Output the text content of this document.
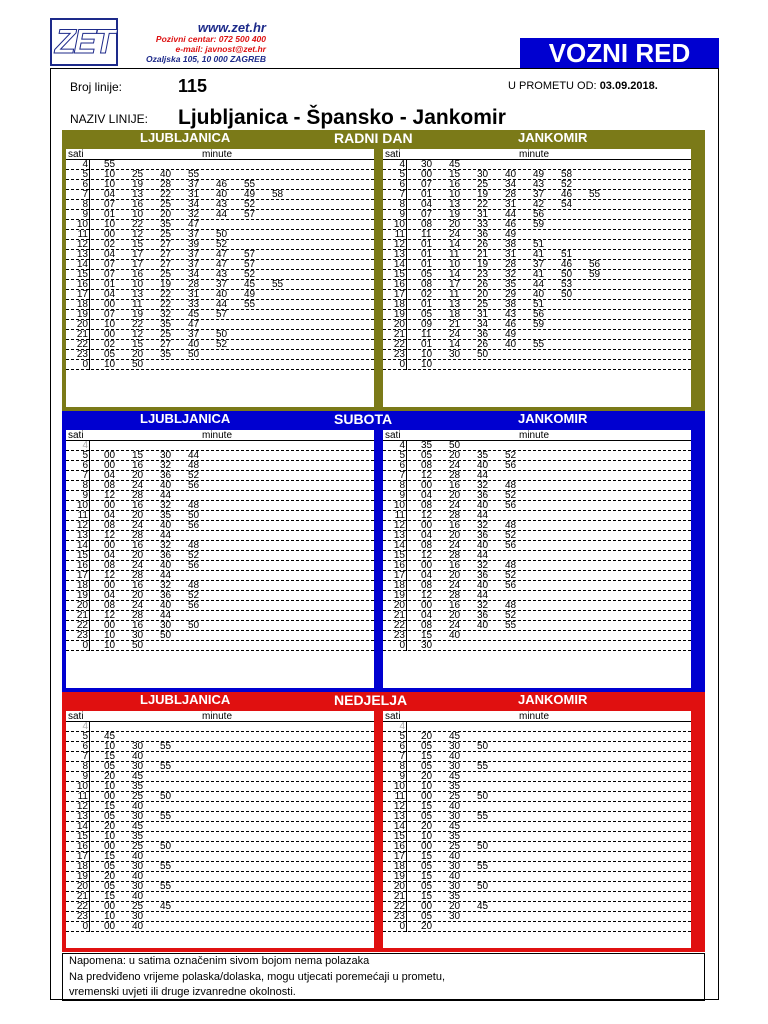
ZET	www.zet.hr
Pozivni centar: 072 500 400
e-mail: javnost@zet.hr
Ozaljska 105, 10 000 ZAGREB	VOZNI RED
Broj linije:	115	U PROMETU OD: 03.09.2018.
NAZIV LINIJE: Ljubljanica - Špansko - Jankomir
LJUBLJANICA	RADNI DAN	JANKOMIR
sati	minute
4 55
5 10 25 40 55
6 10 19 28 37 46 55
7 04 13 22 31 40 49 58
8 07 16 25 34 43 52
9 01 10 20 32 44 57
10 10 22 35 47
11 00 12 25 37 50
12 02 15 27 39 52
13 04 17 27 37 47 57
14 07 17 27 37 47 57
15 07 16 25 34 43 52
16 01 10 19 28 37 45 55
17 04 13 22 31 40 49
18 00 11 22 33 44 55
19 07 19 32 45 57
20 10 22 35 47
21 00 12 25 37 50
22 02 15 27 40 52
23 05 20 35 50
0 10 50
sati	minute
4 30 45
5 00 15 30 40 49 58
6 07 16 25 34 43 52
7 01 10 19 28 37 46 55
8 04 13 22 31 42 54
9 07 19 31 44 56
10 08 20 33 46 59
11 11 24 36 49
12 01 14 26 38 51
13 01 11 21 31 41 51
14 01 10 19 28 37 46 56
15 05 14 23 32 41 50 59
16 08 17 26 35 44 53
17 02 11 20 29 40 50
18 01 13 25 38 51
19 05 18 31 43 56
20 09 21 34 46 59
21 11 24 36 49
22 01 14 26 40 55
23 10 30 50
0 10
LJUBLJANICA	SUBOTA	JANKOMIR
sati	minute
4
5 00 15 30 44
6 00 16 32 48
7 04 20 36 52
8 08 24 40 56
9 12 28 44
10 00 16 32 48
11 04 20 35 50
12 08 24 40 56
13 12 28 44
14 00 16 32 48
15 04 20 36 52
16 08 24 40 56
17 12 28 44
18 00 16 32 48
19 04 20 36 52
20 08 24 40 56
21 12 28 44
22 00 16 30 50
23 10 30 50
0 10 50
sati	minute
4 35 50
5 05 20 35 52
6 08 24 40 56
7 12 28 44
8 00 16 32 48
9 04 20 36 52
10 08 24 40 56
11 12 28 44
12 00 16 32 48
13 04 20 36 52
14 08 24 40 56
15 12 28 44
16 00 16 32 48
17 04 20 36 52
18 08 24 40 56
19 12 28 44
20 00 16 32 48
21 04 20 36 52
22 08 24 40 55
23 15 40
0 30
LJUBLJANICA	NEDJELJA	JANKOMIR
sati	minute
4
5 45
6 10 30 55
7 15 40
8 05 30 55
9 20 45
10 10 35
11 00 25 50
12 15 40
13 05 30 55
14 20 45
15 10 35
16 00 25 50
17 15 40
18 05 30 55
19 20 40
20 05 30 55
21 15 40
22 00 25 45
23 10 30
0 00 40
sati	minute
4
5 20 45
6 05 30 50
7 15 40
8 05 30 55
9 20 45
10 10 35
11 00 25 50
12 15 40
13 05 30 55
14 20 45
15 10 35
16 00 25 50
17 15 40
18 05 30 55
19 15 40
20 05 30 50
21 15 35
22 00 20 45
23 05 30
0 20
Napomena: u satima označenim sivom bojom nema polazaka
Na predviđeno vrijeme polaska/dolaska, mogu utjecati poremećaji u prometu,
vremenski uvjeti ili druge izvanredne okolnosti.
